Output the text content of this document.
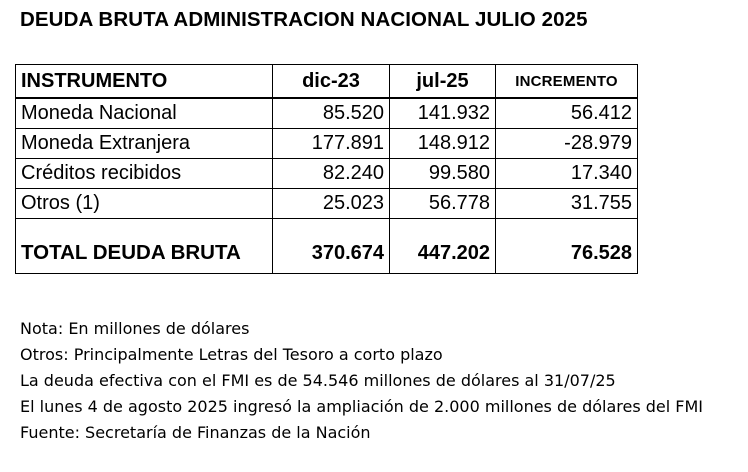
DEUDA BRUTA ADMINISTRACION NACIONAL JULIO 2025
INSTRUMENTO	dic-23	jul-25	INCREMENTO
Moneda Nacional	85.520	141.932	56.412
Moneda Extranjera	177.891	148.912	-28.979
Créditos recibidos	82.240	99.580	17.340
Otros (1)	25.023	56.778	31.755

TOTAL DEUDA BRUTA	370.674	447.202	76.528
Nota: En millones de dólares
Otros: Principalmente Letras del Tesoro a corto plazo
La deuda efectiva con el FMI es de 54.546 millones de dólares al 31/07/25
El lunes 4 de agosto 2025 ingresó la ampliación de 2.000 millones de dólares del FMI
Fuente: Secretaría de Finanzas de la Nación
